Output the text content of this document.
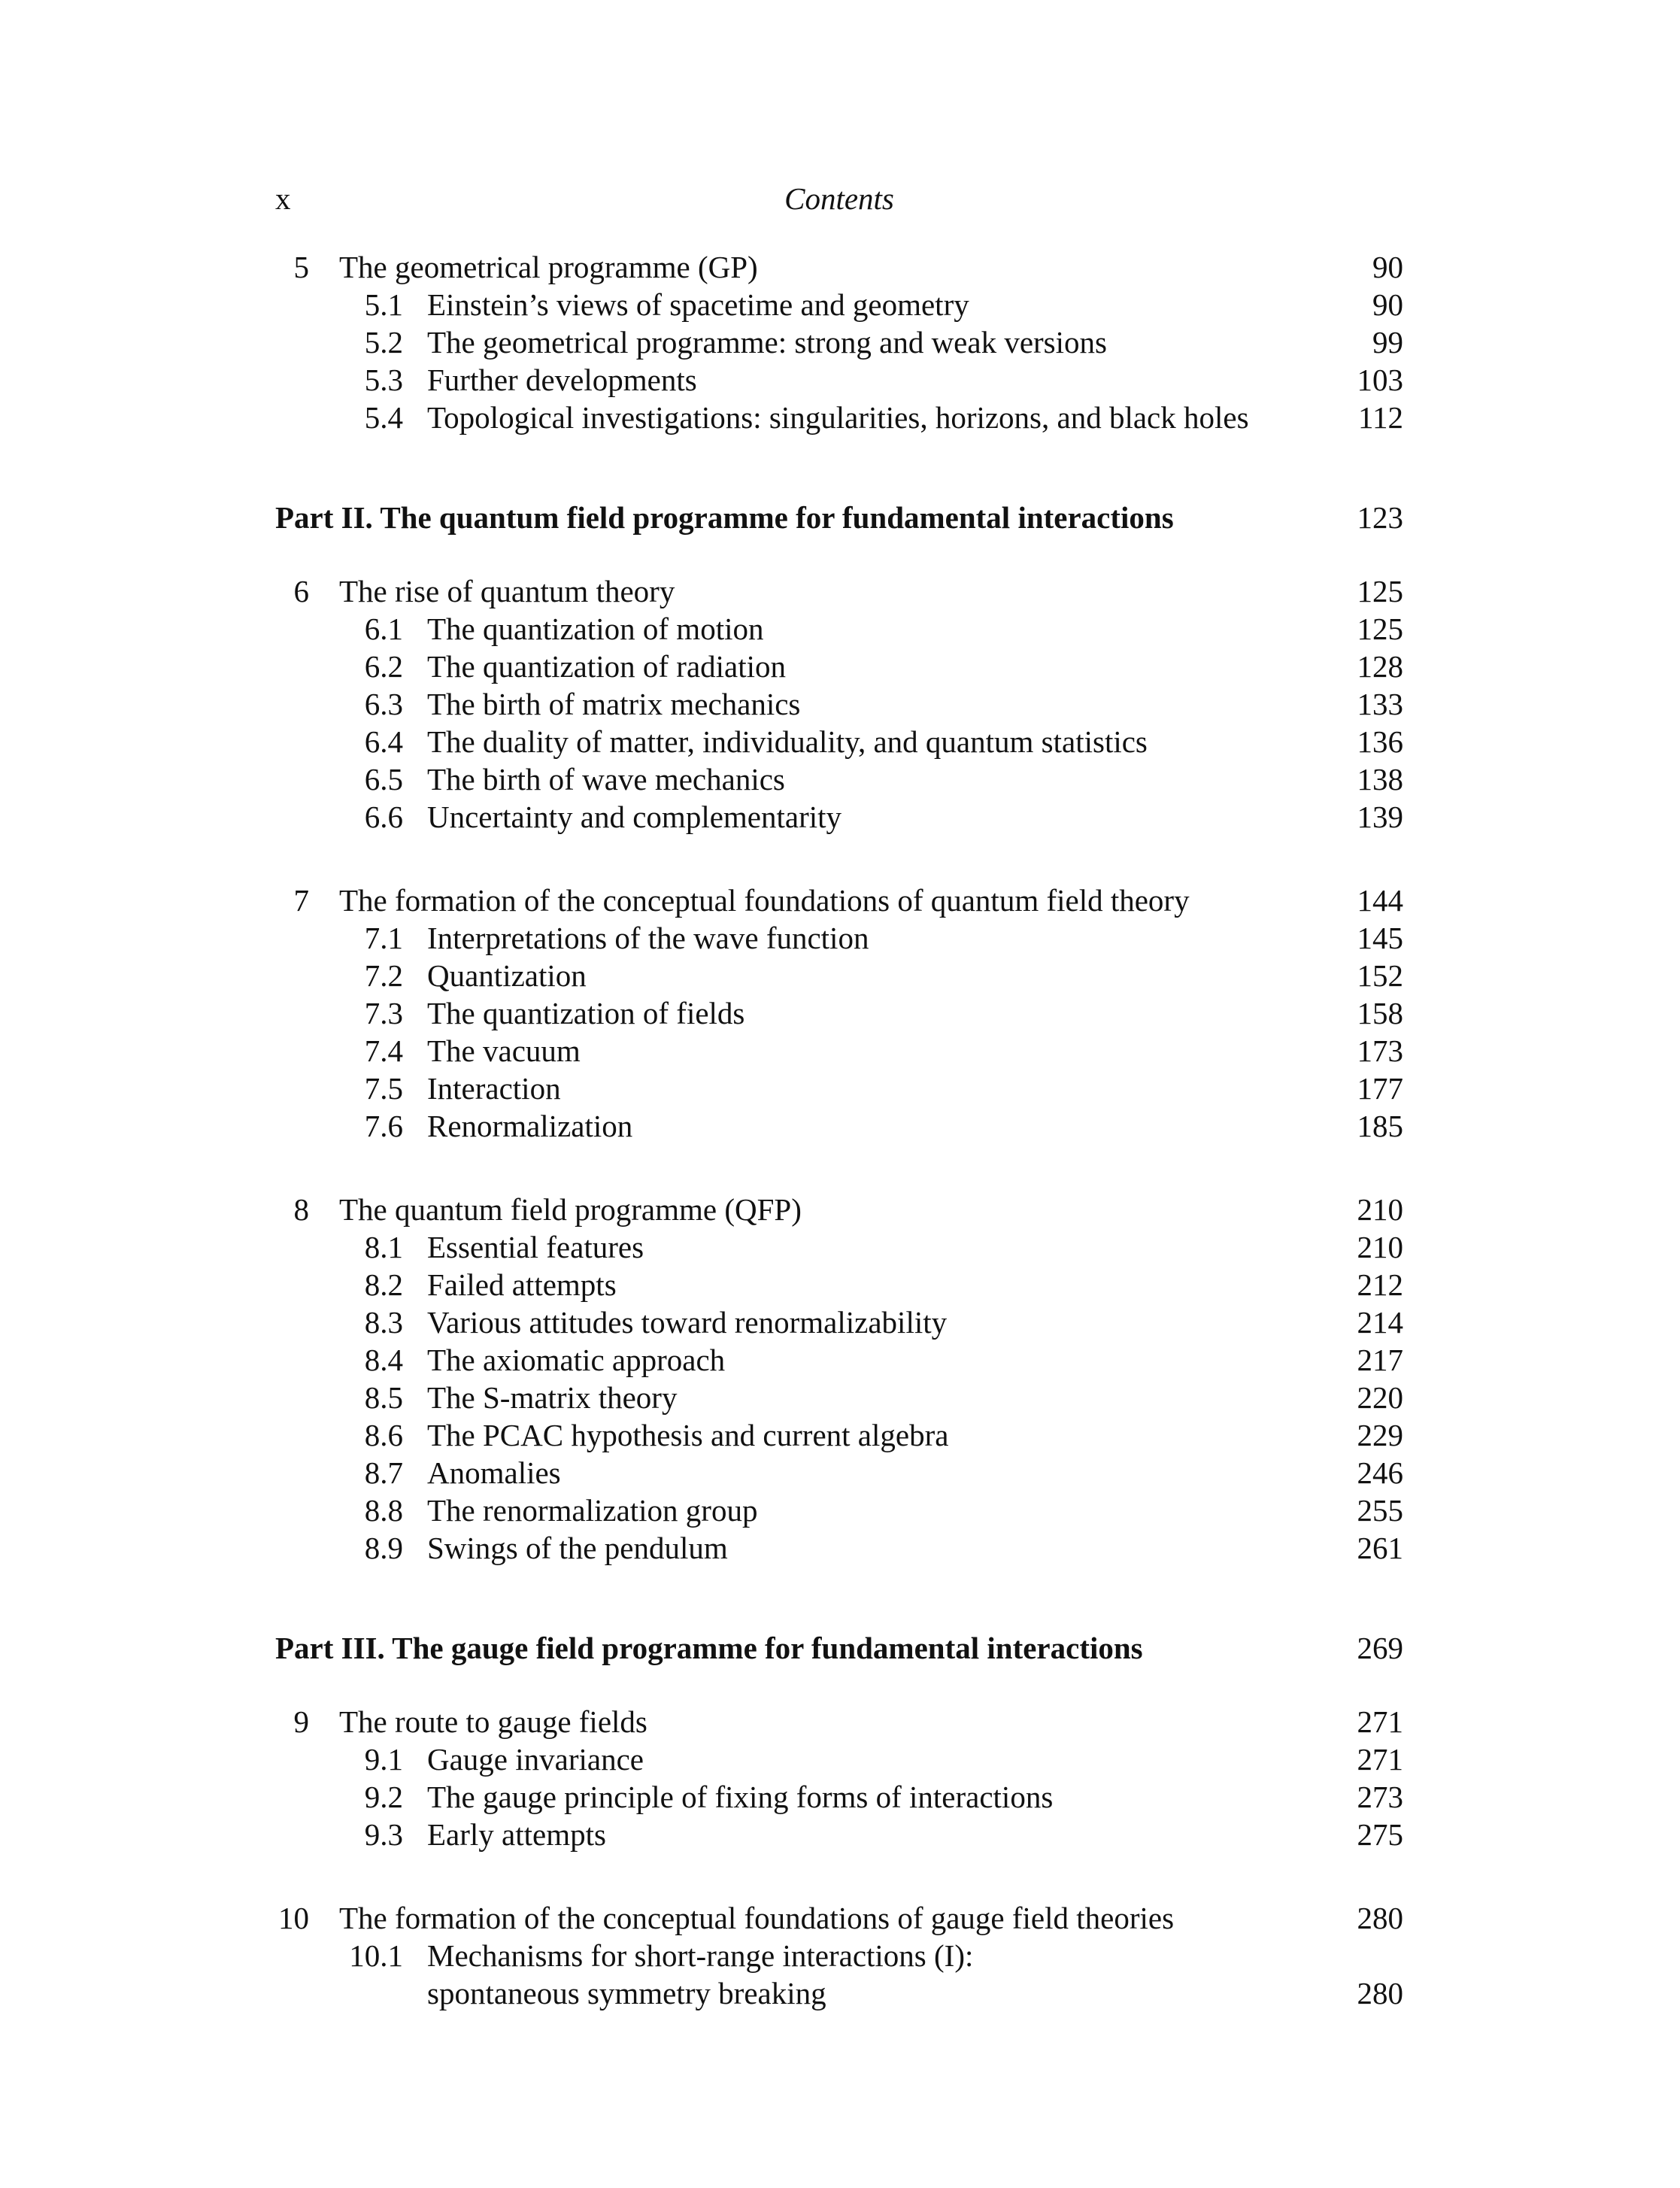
x	Contents
5 The geometrical programme (GP)	90
5.1 Einstein’s views of spacetime and geometry	90
5.2 The geometrical programme: strong and weak versions	99
5.3 Further developments	103
5.4 Topological investigations: singularities, horizons, and black holes	112
Part II. The quantum field programme for fundamental interactions	123
6 The rise of quantum theory	125
6.1 The quantization of motion	125
6.2 The quantization of radiation	128
6.3 The birth of matrix mechanics	133
6.4 The duality of matter, individuality, and quantum statistics	136
6.5 The birth of wave mechanics	138
6.6 Uncertainty and complementarity	139
7 The formation of the conceptual foundations of quantum field theory	144
7.1 Interpretations of the wave function	145
7.2 Quantization	152
7.3 The quantization of fields	158
7.4 The vacuum	173
7.5 Interaction	177
7.6 Renormalization	185
8 The quantum field programme (QFP)	210
8.1 Essential features	210
8.2 Failed attempts	212
8.3 Various attitudes toward renormalizability	214
8.4 The axiomatic approach	217
8.5 The S-matrix theory	220
8.6 The PCAC hypothesis and current algebra	229
8.7 Anomalies	246
8.8 The renormalization group	255
8.9 Swings of the pendulum	261
Part III. The gauge field programme for fundamental interactions	269
9 The route to gauge fields	271
9.1 Gauge invariance	271
9.2 The gauge principle of fixing forms of interactions	273
9.3 Early attempts	275
10 The formation of the conceptual foundations of gauge field theories	280
10.1 Mechanisms for short-range interactions (I):
spontaneous symmetry breaking	280
